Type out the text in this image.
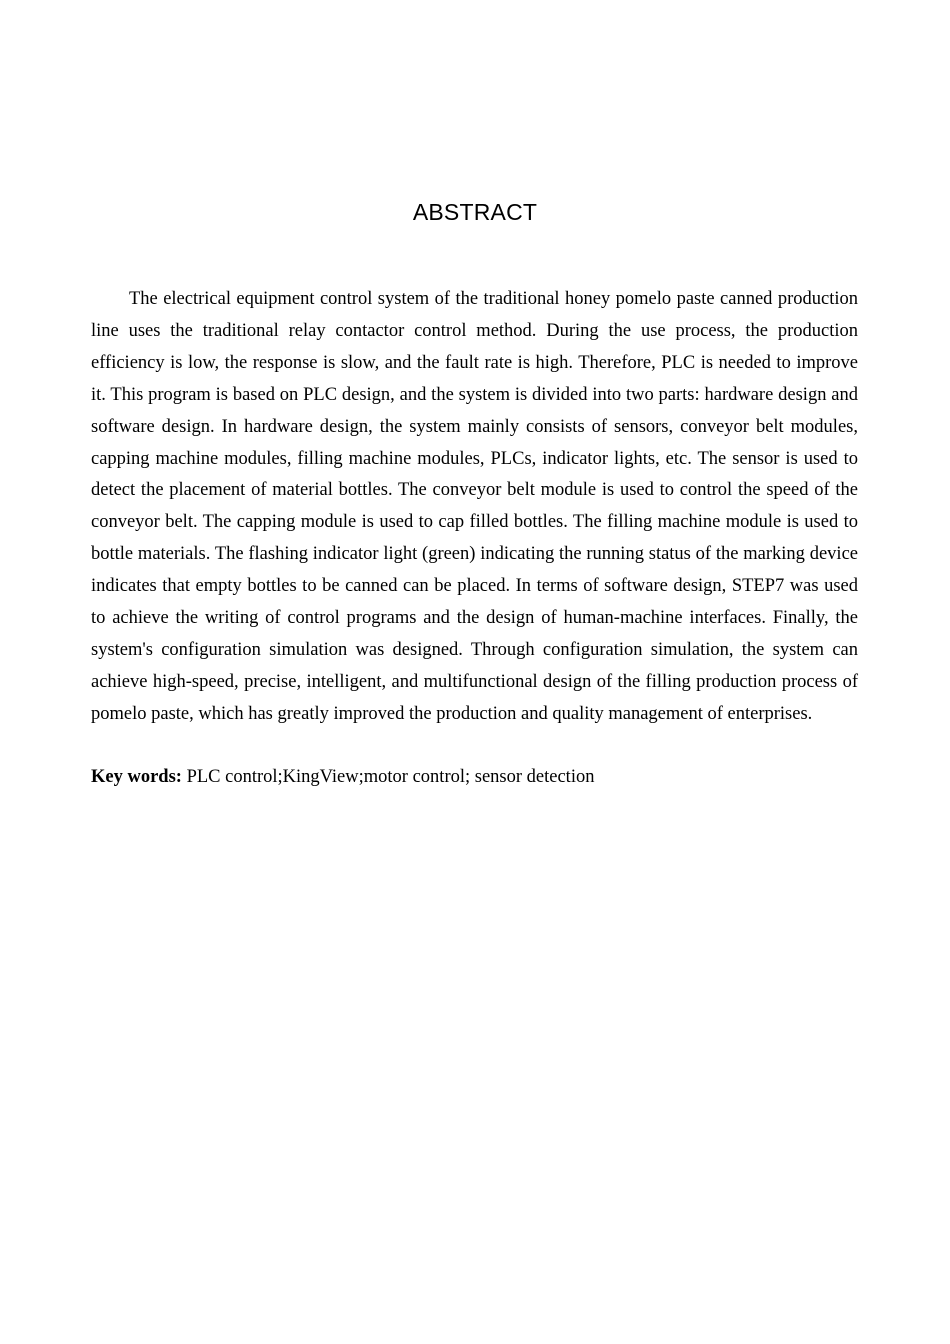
ABSTRACT

The electrical equipment control system of the traditional honey pomelo paste canned production line uses the traditional relay contactor control method. During the use process, the production efficiency is low, the response is slow, and the fault rate is high. Therefore, PLC is needed to improve it. This program is based on PLC design, and the system is divided into two parts: hardware design and software design. In hardware design, the system mainly consists of sensors, conveyor belt modules, capping machine modules, filling machine modules, PLCs, indicator lights, etc. The sensor is used to detect the placement of material bottles. The conveyor belt module is used to control the speed of the conveyor belt. The capping module is used to cap filled bottles. The filling machine module is used to bottle materials. The flashing indicator light (green) indicating the running status of the marking device indicates that empty bottles to be canned can be placed. In terms of software design, STEP7 was used to achieve the writing of control programs and the design of human-machine interfaces. Finally, the system's configuration simulation was designed. Through configuration simulation, the system can achieve high-speed, precise, intelligent, and multifunctional design of the filling production process of pomelo paste, which has greatly improved the production and quality management of enterprises.

Key words: PLC control;KingView;motor control; sensor detection
